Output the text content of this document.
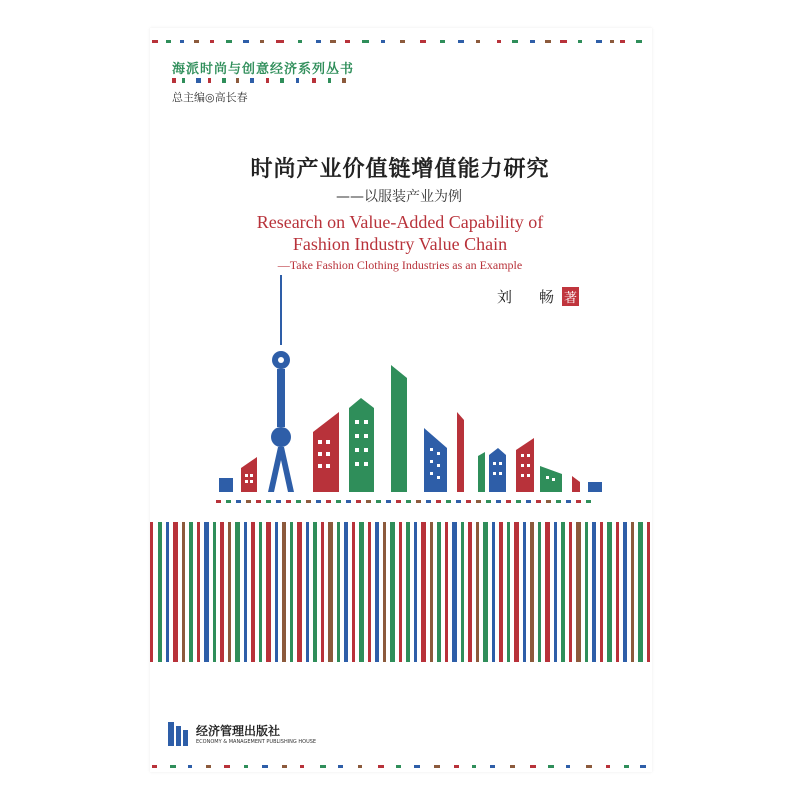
海派时尚与创意经济系列丛书
总主编◎高长春
时尚产业价值链增值能力研究
——以服装产业为例
Research on Value-Added Capability of
Fashion Industry Value Chain
—Take Fashion Clothing Industries as an Example
刘　畅 著
经济管理出版社
ECONOMY & MANAGEMENT PUBLISHING HOUSE
